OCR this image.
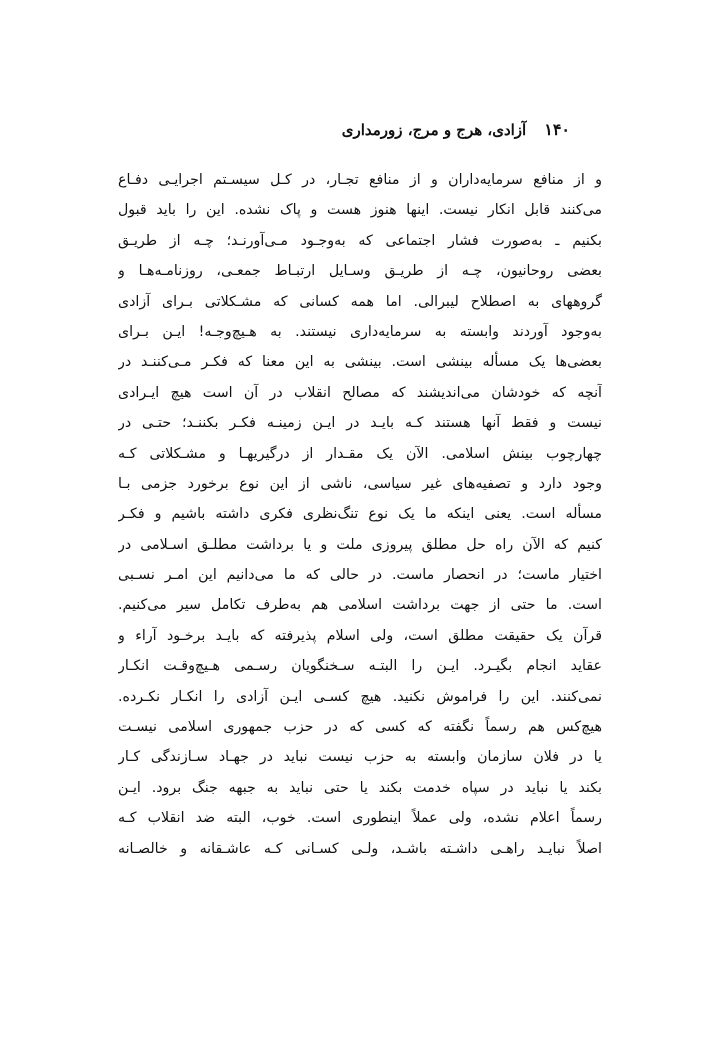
۱۴۰
آزادی، هرج و مرج، زورمداری
و از منافع سرمایه‌داران و از منافع تجـار، در کـل سیسـتم اجرایـی دفـاع
می‌کنند قابل انکار نیست. اینها هنوز هست و پاک نشده. این را باید قبول
بکنیم ـ به‌صورت فشار اجتماعی که به‌وجـود مـی‌آورنـد؛ چـه از طریـق
بعضی روحانیون، چـه از طریـق وسـایل ارتبـاط جمعـی، روزنامـه‌هـا و
گروههای به اصطلاح لیبرالی. اما همه کسانی که مشـکلاتی بـرای آزادی
به‌وجود آوردند وابسته به سرمایه‌داری نیستند. به هـیچ‌وجـه! ایـن بـرای
بعضی‌ها یک مسأله بینشی است. بینشی به این معنا که فکـر مـی‌کننـد در
آنچه که خودشان می‌اندیشند که مصالح انقلاب در آن است هیچ ایـرادی
نیست و فقط آنها هستند کـه بایـد در ایـن زمینـه فکـر بکننـد؛ حتـی در
چهارچوب بینش اسلامی. الآن یک مقـدار از درگیریهـا و مشـکلاتی کـه
وجود دارد و تصفیه‌های غیر سیاسی، ناشی از این نوع برخورد جزمی بـا
مسأله است. یعنی اینکه ما یک نوع تنگ‌نظری فکری داشته باشیم و فکـر
کنیم که الآن راه حل مطلق پیروزی ملت و یا برداشت مطلـق اسـلامی در
اختیار ماست؛ در انحصار ماست. در حالی که ما می‌دانیم این امـر نسـبی
است. ما حتی از جهت برداشت اسلامی هم به‌طرف تکامل سیر می‌کنیم.
قرآن یک حقیقت مطلق است، ولی اسلام پذیرفته که بایـد برخـود آراء و
عقاید انجام بگیـرد. ایـن را البتـه سـخنگویان رسـمی هـیچ‌وقـت انکـار
نمی‌کنند. این را فراموش نکنید. هیچ کسـی ایـن آزادی را انکـار نکـرده.
هیچ‌کس هم رسماً نگفته که کسی که در حزب جمهوری اسلامی نیسـت
یا در فلان سازمان وابسته به حزب نیست نباید در جهـاد سـازندگی کـار
بکند یا نباید در سپاه خدمت بکند یا حتی نباید به جبهه جنگ برود. ایـن
رسماً اعلام نشده، ولی عملاً اینطوری است. خوب، البته ضد انقلاب کـه
اصلاً نبایـد راهـی داشـته باشـد، ولـی کسـانی کـه عاشـقانه و خالصـانه
